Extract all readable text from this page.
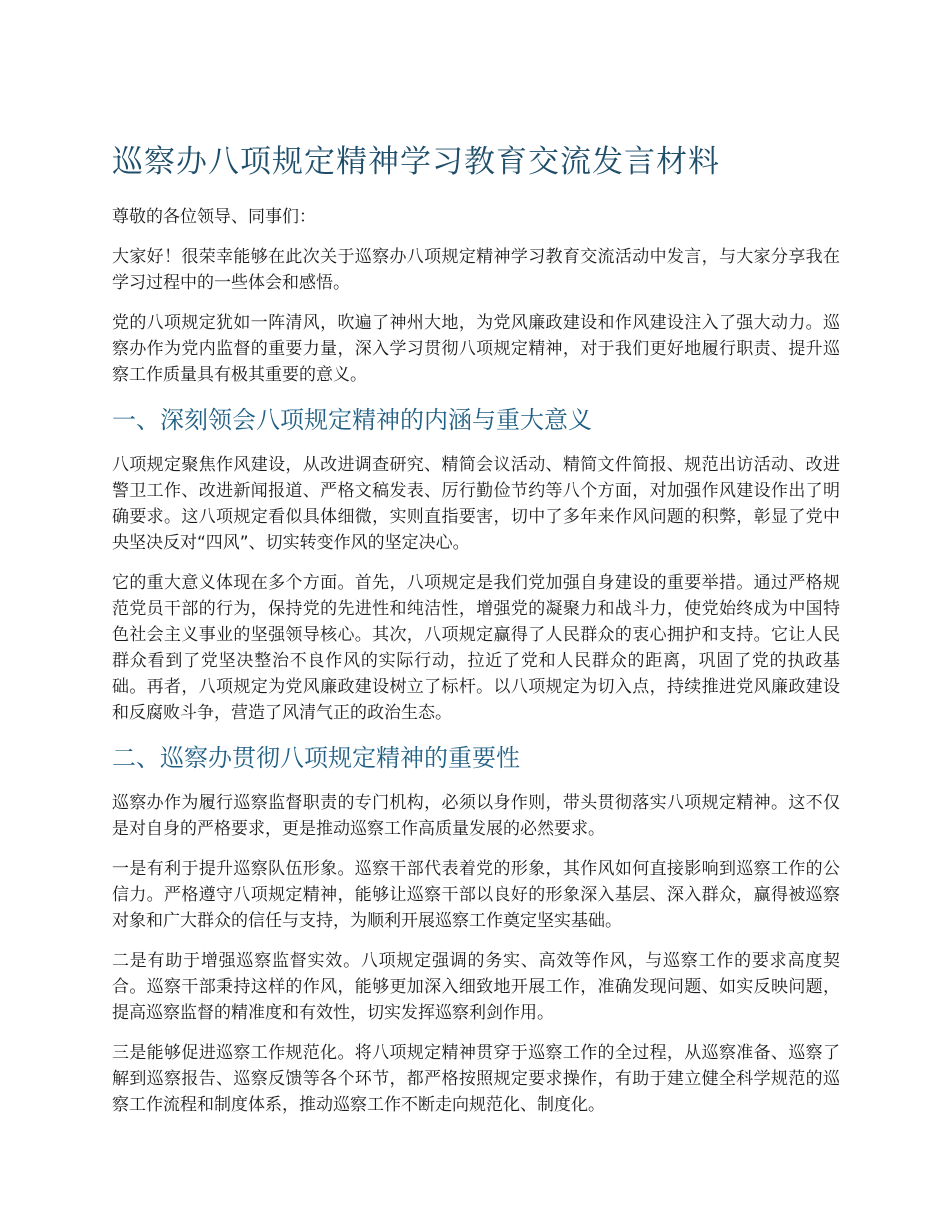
巡察办八项规定精神学习教育交流发言材料

尊敬的各位领导、同事们：

大家好！很荣幸能够在此次关于巡察办八项规定精神学习教育交流活动中发言，与大家分享我在学习过程中的一些体会和感悟。

党的八项规定犹如一阵清风，吹遍了神州大地，为党风廉政建设和作风建设注入了强大动力。巡察办作为党内监督的重要力量，深入学习贯彻八项规定精神，对于我们更好地履行职责、提升巡察工作质量具有极其重要的意义。

一、深刻领会八项规定精神的内涵与重大意义

八项规定聚焦作风建设，从改进调查研究、精简会议活动、精简文件简报、规范出访活动、改进警卫工作、改进新闻报道、严格文稿发表、厉行勤俭节约等八个方面，对加强作风建设作出了明确要求。这八项规定看似具体细微，实则直指要害，切中了多年来作风问题的积弊，彰显了党中央坚决反对“四风”、切实转变作风的坚定决心。

它的重大意义体现在多个方面。首先，八项规定是我们党加强自身建设的重要举措。通过严格规范党员干部的行为，保持党的先进性和纯洁性，增强党的凝聚力和战斗力，使党始终成为中国特色社会主义事业的坚强领导核心。其次，八项规定赢得了人民群众的衷心拥护和支持。它让人民群众看到了党坚决整治不良作风的实际行动，拉近了党和人民群众的距离，巩固了党的执政基础。再者，八项规定为党风廉政建设树立了标杆。以八项规定为切入点，持续推进党风廉政建设和反腐败斗争，营造了风清气正的政治生态。

二、巡察办贯彻八项规定精神的重要性

巡察办作为履行巡察监督职责的专门机构，必须以身作则，带头贯彻落实八项规定精神。这不仅是对自身的严格要求，更是推动巡察工作高质量发展的必然要求。

一是有利于提升巡察队伍形象。巡察干部代表着党的形象，其作风如何直接影响到巡察工作的公信力。严格遵守八项规定精神，能够让巡察干部以良好的形象深入基层、深入群众，赢得被巡察对象和广大群众的信任与支持，为顺利开展巡察工作奠定坚实基础。

二是有助于增强巡察监督实效。八项规定强调的务实、高效等作风，与巡察工作的要求高度契合。巡察干部秉持这样的作风，能够更加深入细致地开展工作，准确发现问题、如实反映问题，提高巡察监督的精准度和有效性，切实发挥巡察利剑作用。

三是能够促进巡察工作规范化。将八项规定精神贯穿于巡察工作的全过程，从巡察准备、巡察了解到巡察报告、巡察反馈等各个环节，都严格按照规定要求操作，有助于建立健全科学规范的巡察工作流程和制度体系，推动巡察工作不断走向规范化、制度化。
